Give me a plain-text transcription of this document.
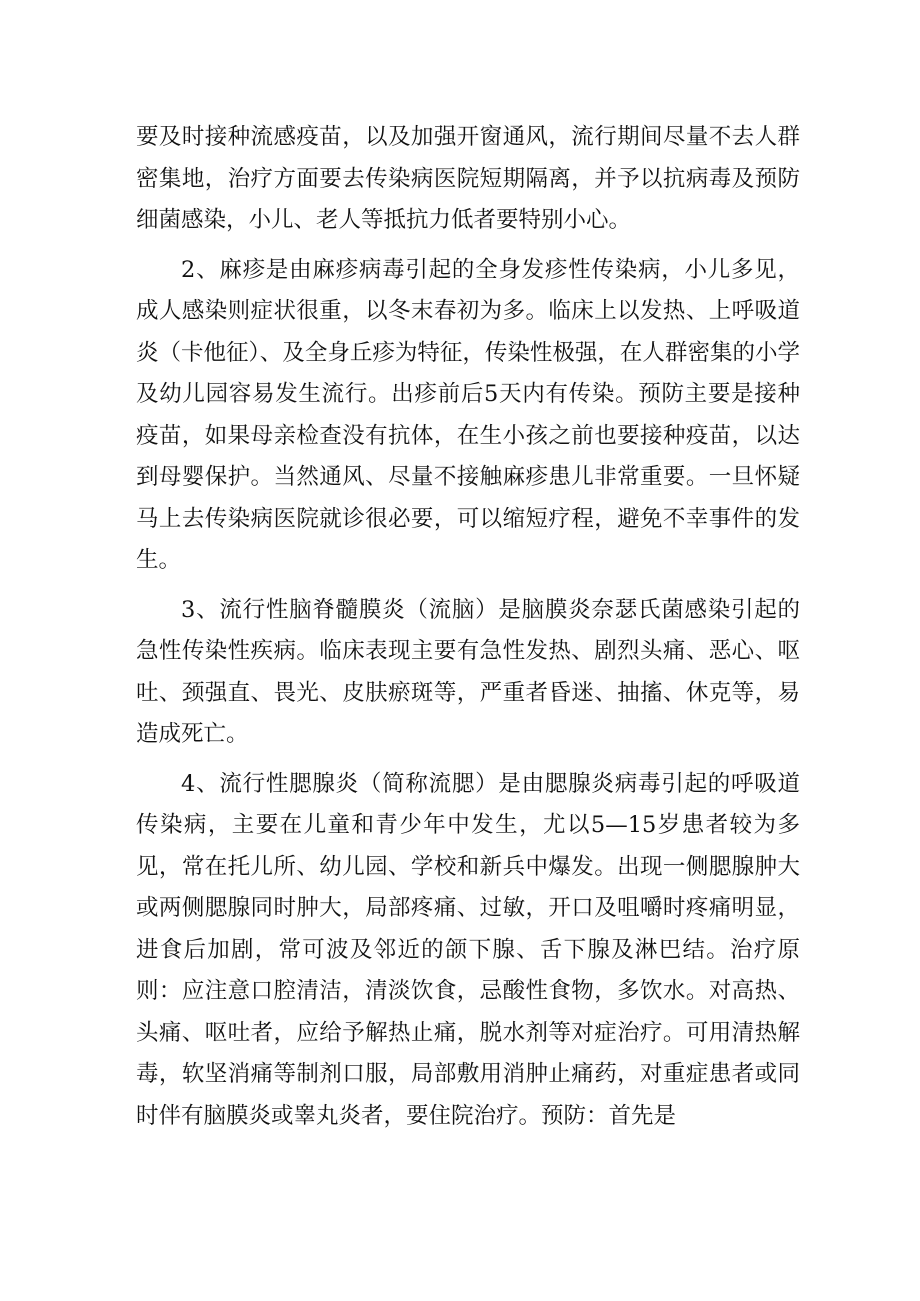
要及时接种流感疫苗，以及加强开窗通风，流行期间尽量不去人群密集地，治疗方面要去传染病医院短期隔离，并予以抗病毒及预防细菌感染，小儿、老人等抵抗力低者要特别小心。

2、麻疹是由麻疹病毒引起的全身发疹性传染病，小儿多见，成人感染则症状很重，以冬末春初为多。临床上以发热、上呼吸道炎（卡他征）、及全身丘疹为特征，传染性极强，在人群密集的小学及幼儿园容易发生流行。出疹前后5天内有传染。预防主要是接种疫苗，如果母亲检查没有抗体，在生小孩之前也要接种疫苗，以达到母婴保护。当然通风、尽量不接触麻疹患儿非常重要。一旦怀疑马上去传染病医院就诊很必要，可以缩短疗程，避免不幸事件的发生。

3、流行性脑脊髓膜炎（流脑）是脑膜炎奈瑟氏菌感染引起的急性传染性疾病。临床表现主要有急性发热、剧烈头痛、恶心、呕吐、颈强直、畏光、皮肤瘀斑等，严重者昏迷、抽搐、休克等，易造成死亡。

4、流行性腮腺炎（简称流腮）是由腮腺炎病毒引起的呼吸道传染病，主要在儿童和青少年中发生，尤以5—15岁患者较为多见，常在托儿所、幼儿园、学校和新兵中爆发。出现一侧腮腺肿大或两侧腮腺同时肿大，局部疼痛、过敏，开口及咀嚼时疼痛明显，进食后加剧，常可波及邻近的颌下腺、舌下腺及淋巴结。治疗原则：应注意口腔清洁，清淡饮食，忌酸性食物，多饮水。对高热、头痛、呕吐者，应给予解热止痛，脱水剂等对症治疗。可用清热解毒，软坚消痛等制剂口服，局部敷用消肿止痛药，对重症患者或同时伴有脑膜炎或睾丸炎者，要住院治疗。预防：首先是
